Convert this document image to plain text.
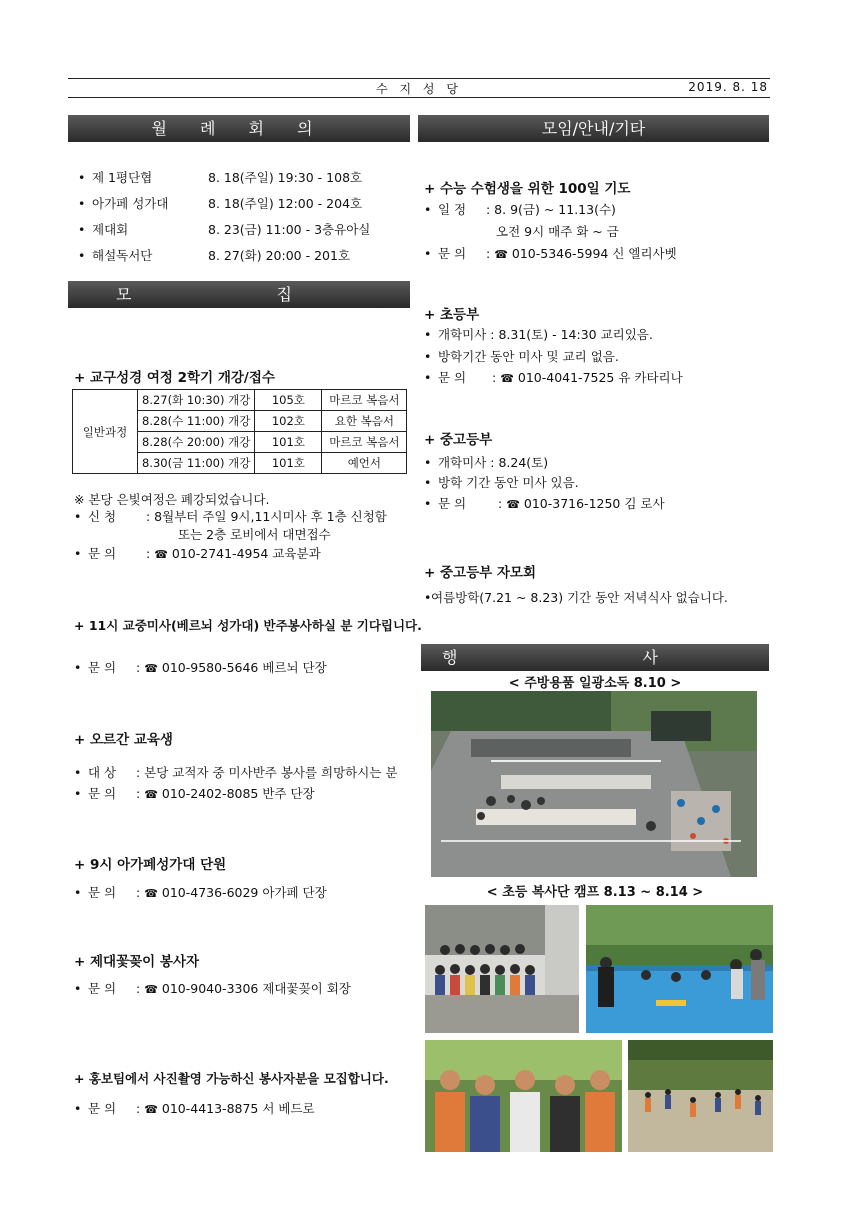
수 지 성 당	2019. 8. 18
월 례 회 의
• 제 1평단협	8. 18(주일) 19:30 - 108호
• 아가페 성가대	8. 18(주일) 12:00 - 204호
• 제대회	8. 23(금) 11:00 - 3층유아실
• 해설독서단	8. 27(화) 20:00 - 201호
모 집
+ 교구성경 여정 2학기 개강/접수
일반과정	8.27(화 10:30) 개강	105호	마르코 복음서
	8.28(수 11:00) 개강	102호	요한 복음서
	8.28(수 20:00) 개강	101호	마르코 복음서
	8.30(금 11:00) 개강	101호	예언서
※ 본당 은빛여정은 폐강되었습니다.
• 신 청 : 8월부터 주일 9시,11시미사 후 1층 신청함
또는 2층 로비에서 대면접수
• 문 의 : ☎ 010-2741-4954 교육분과
+ 11시 교중미사(베르뇌 성가대) 반주봉사하실 분 기다립니다.
• 문 의 : ☎ 010-9580-5646 베르뇌 단장
+ 오르간 교육생
• 대 상 : 본당 교적자 중 미사반주 봉사를 희망하시는 분
• 문 의 : ☎ 010-2402-8085 반주 단장
+ 9시 아가페성가대 단원
• 문 의 : ☎ 010-4736-6029 아가페 단장
+ 제대꽃꽂이 봉사자
• 문 의 : ☎ 010-9040-3306 제대꽃꽂이 회장
+ 홍보팀에서 사진촬영 가능하신 봉사자분을 모집합니다.
• 문 의 : ☎ 010-4413-8875 서 베드로
모임/안내/기타
+ 수능 수험생을 위한 100일 기도
• 일 정 : 8. 9(금) ~ 11.13(수)
오전 9시 매주 화 ~ 금
• 문 의 : ☎ 010-5346-5994 신 엘리사벳
+ 초등부
• 개학미사 : 8.31(토) - 14:30 교리있음.
• 방학기간 동안 미사 및 교리 없음.
• 문 의 : ☎ 010-4041-7525 유 카타리나
+ 중고등부
• 개학미사 : 8.24(토)
• 방학 기간 동안 미사 있음.
• 문 의	: ☎ 010-3716-1250 김 로사
+ 중고등부 자모회
•여름방학(7.21 ~ 8.23) 기간 동안 저녁식사 없습니다.
행 사
< 주방용품 일광소독 8.10 >
< 초등 복사단 캠프 8.13 ~ 8.14 >
